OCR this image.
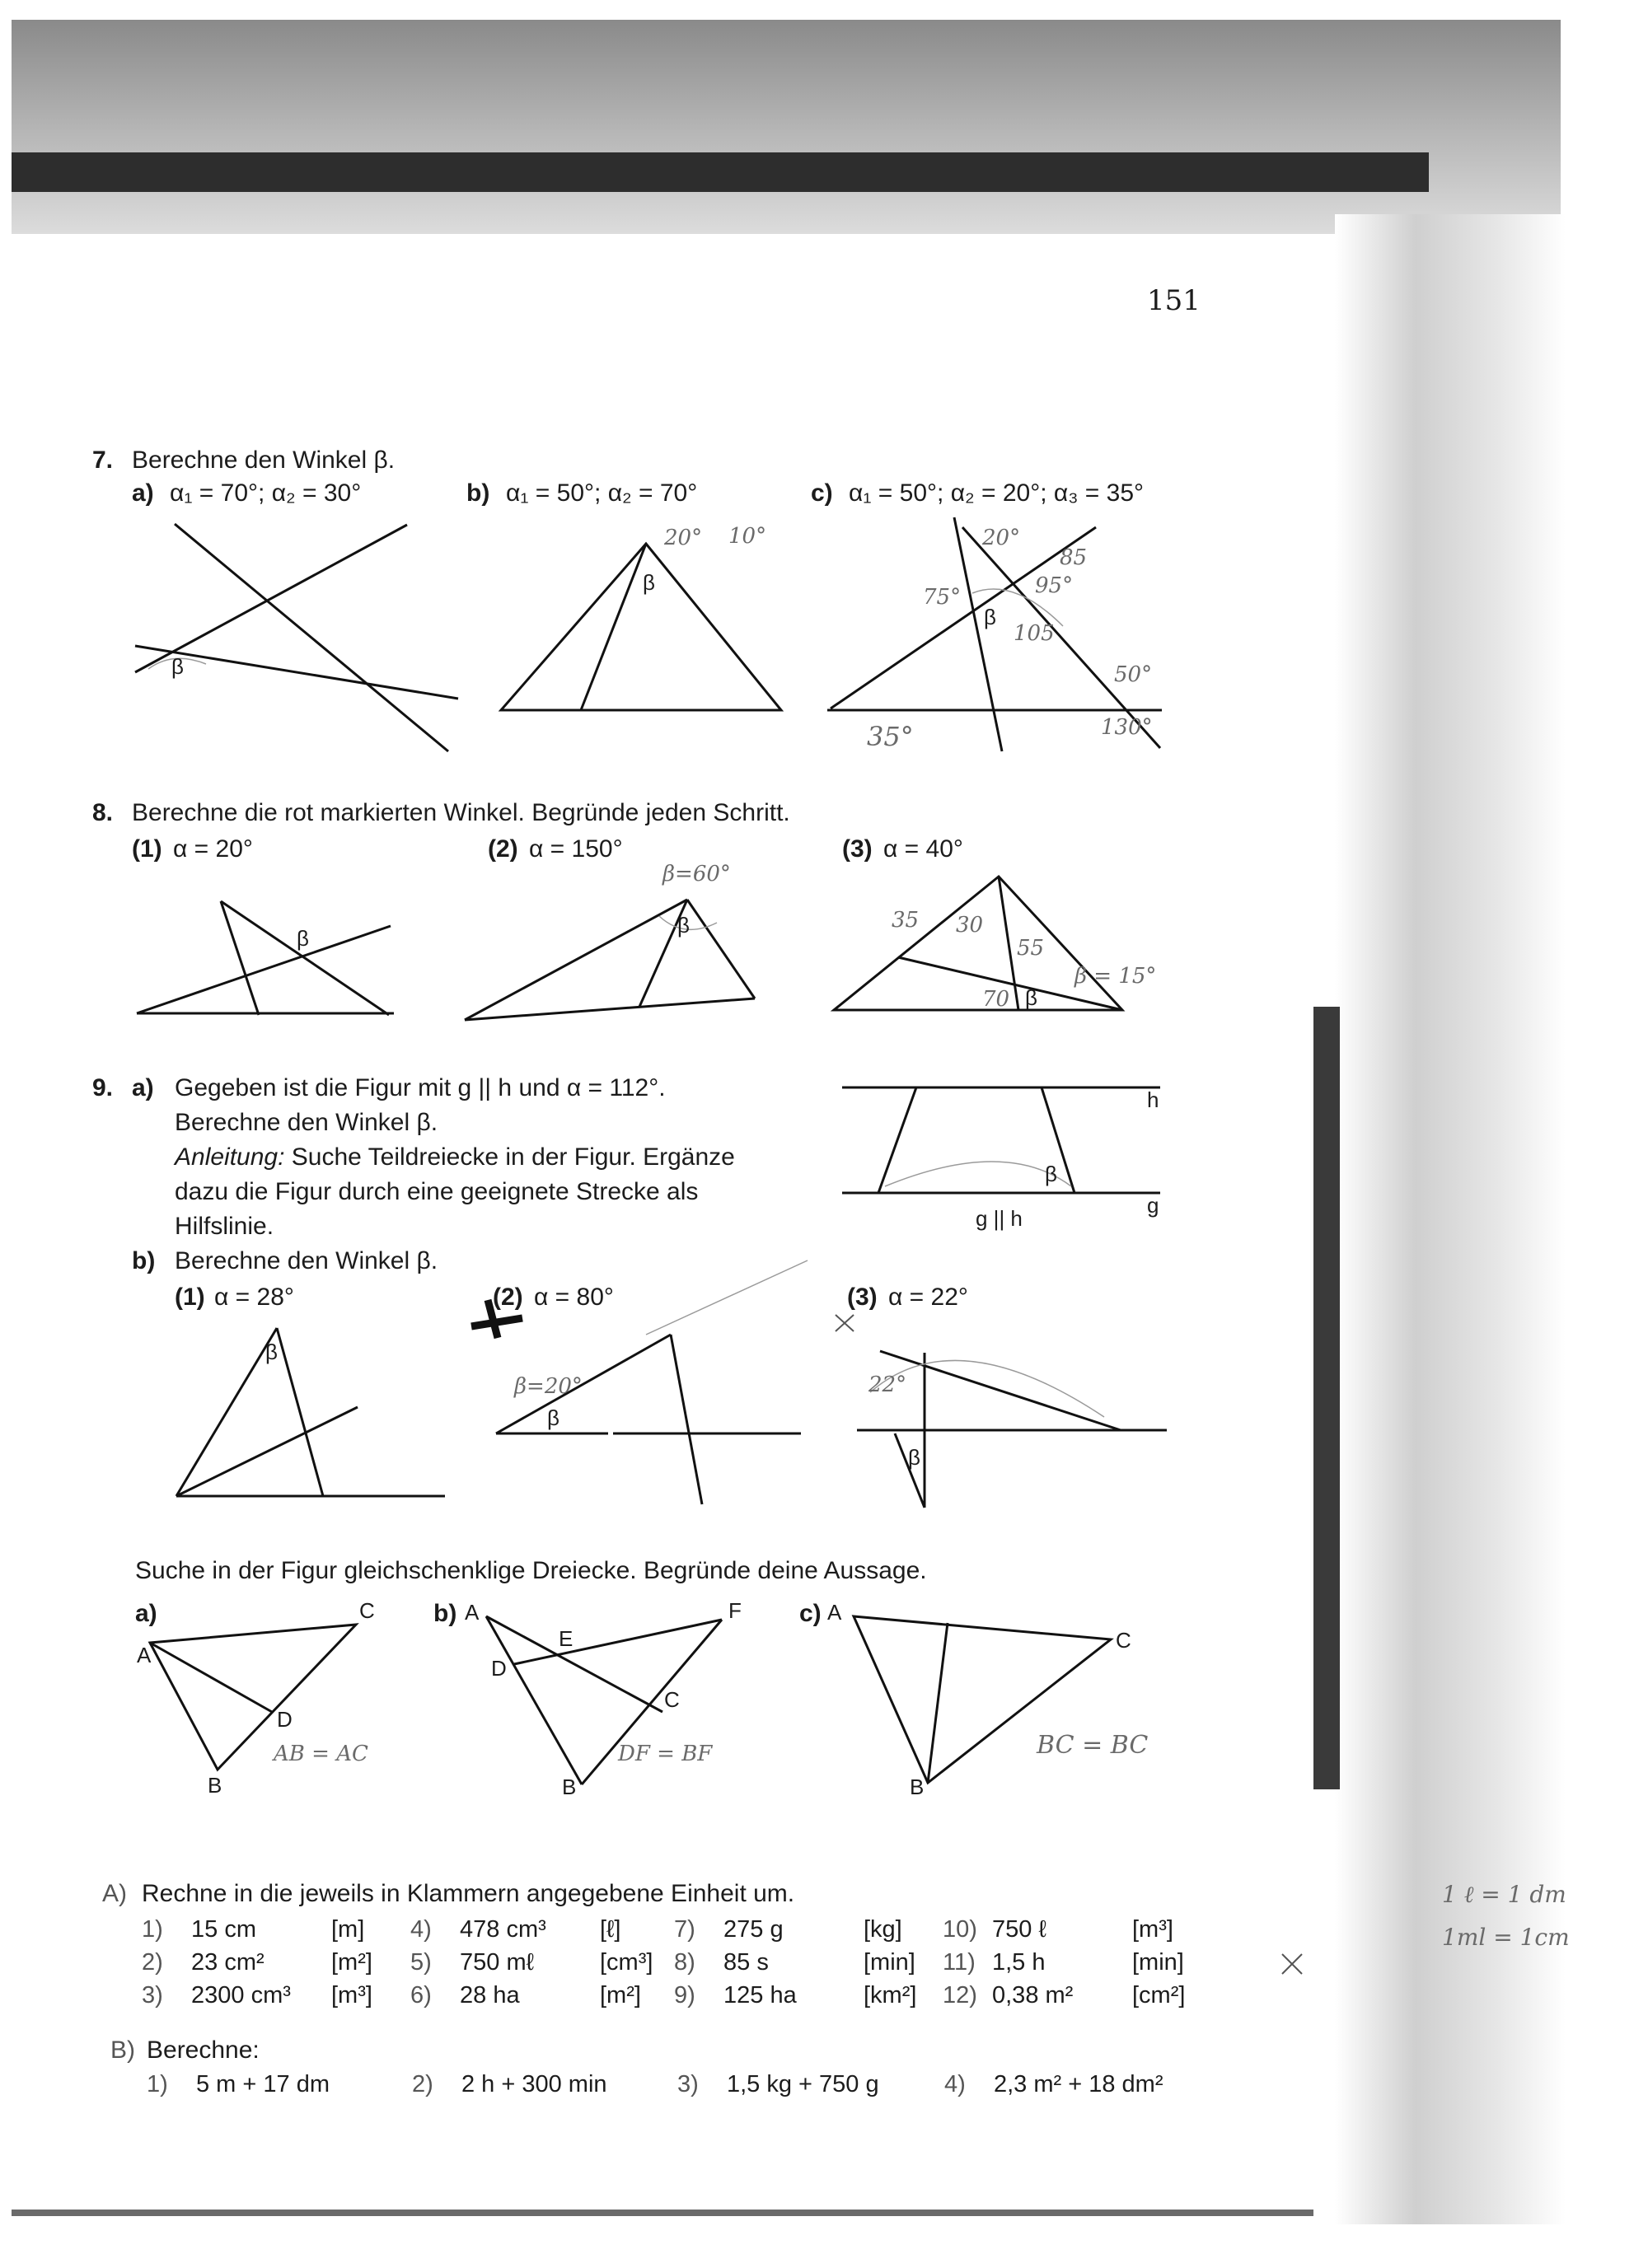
151
7. Berechne den Winkel β.
a) α₁ = 70°; α₂ = 30°	b) α₁ = 50°; α₂ = 70°	c) α₁ = 50°; α₂ = 20°; α₃ = 35°
8. Berechne die rot markierten Winkel. Begründe jeden Schritt.
(1) α = 20°	(2) α = 150°	(3) α = 40°
9. a) Gegeben ist die Figur mit g || h und α = 112°.
Berechne den Winkel β.
Anleitung: Suche Teildreiecke in der Figur. Ergänze
dazu die Figur durch eine geeignete Strecke als
Hilfslinie.
h
g
g || h
β
b) Berechne den Winkel β.
(1) α = 28°	(2) α = 80°	(3) α = 22°
β
β
β
β
β
β
β
β
β
Suche in der Figur gleichschenklige Dreiecke. Begründe deine Aussage.
a)	b)	c)
A
C
D
B
A
E
F
D
C
B
A
C
B
A) Rechne in die jeweils in Klammern angegebene Einheit um.
1) 15 cm	[m]
2) 23 cm²	[m²]
3) 2300 cm³ [m³]
4) 478 cm³ [ℓ]
5) 750 mℓ	[cm³]
6) 28 ha	[m²]
7) 275 g	[kg]
8) 85 s	[min]
9) 125 ha	[km²]
10) 750 ℓ	[m³]
11) 1,5 h	[min]
12) 0,38 m² [cm²]
B) Berechne:
1) 5 m + 17 dm	2) 2 h + 300 min	3) 1,5 kg + 750 g	4) 2,3 m² + 18 dm²
20° 10°	20°
85
95°
75°
105
50°
130°
35°
β=60°
35 30
55
β = 15°
70
β=20°	22°
AB = AC	DF = BF	BC = BC
1 ℓ = 1 dm
1ml = 1cm
